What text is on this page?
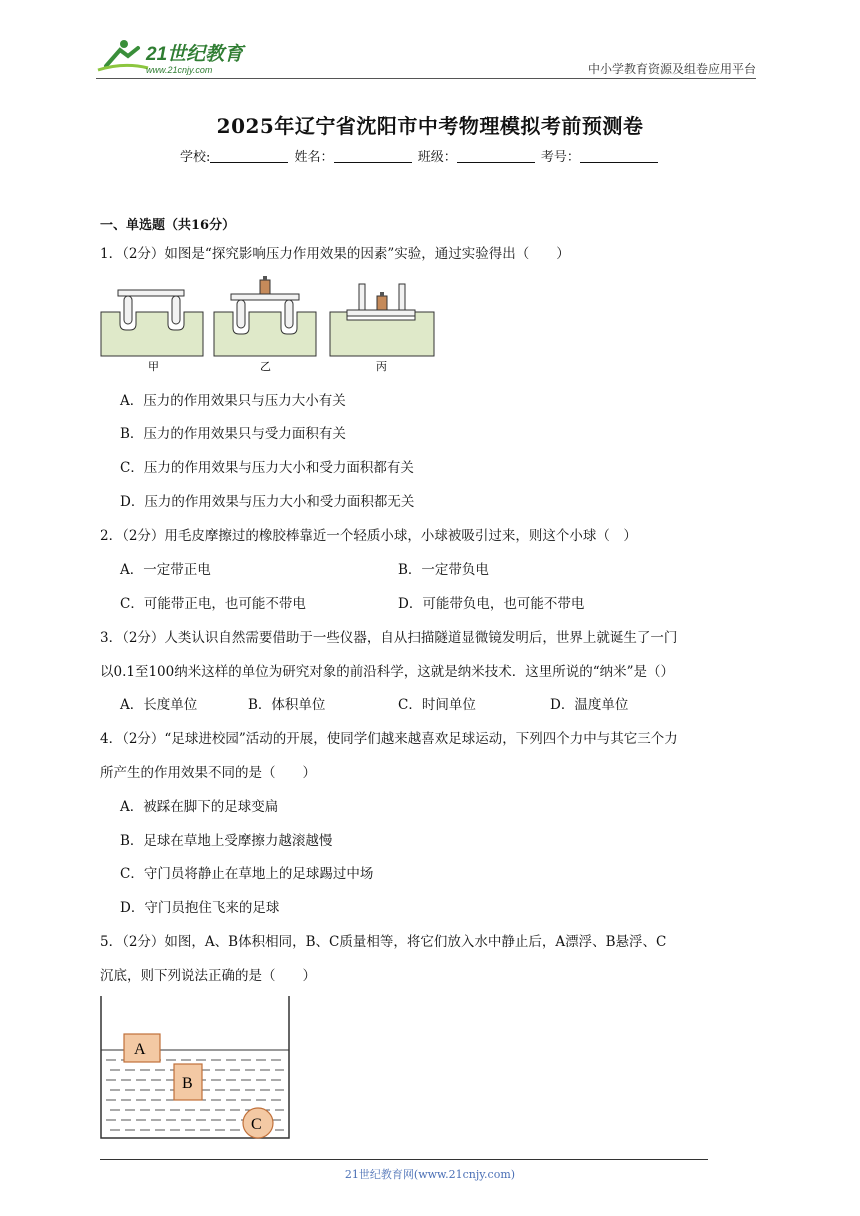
21世纪教育
www.21cnjy.com	中小学教育资源及组卷应用平台
2025年辽宁省沈阳市中考物理模拟考前预测卷
学校:	姓名：	班级：	考号：
一、单选题（共16分）
1．（2分）如图是“探究影响压力作用效果的因素”实验，通过实验得出（　　）
甲	乙	丙
A．压力的作用效果只与压力大小有关
B．压力的作用效果只与受力面积有关
C．压力的作用效果与压力大小和受力面积都有关
D．压力的作用效果与压力大小和受力面积都无关
2．（2分）用毛皮摩擦过的橡胶棒靠近一个轻质小球，小球被吸引过来，则这个小球（　）
A．一定带正电	B．一定带负电
C．可能带正电，也可能不带电	D．可能带负电，也可能不带电
3．（2分）人类认识自然需要借助于一些仪器，自从扫描隧道显微镜发明后，世界上就诞生了一门
以0.1至100纳米这样的单位为研究对象的前沿科学，这就是纳米技术．这里所说的“纳米”是（）
A．长度单位	B．体积单位	C．时间单位	D．温度单位
4．（2分）“足球进校园”活动的开展，使同学们越来越喜欢足球运动，下列四个力中与其它三个力
所产生的作用效果不同的是（　　）
A．被踩在脚下的足球变扁
B．足球在草地上受摩擦力越滚越慢
C．守门员将静止在草地上的足球踢过中场
D．守门员抱住飞来的足球
5．（2分）如图，A、B体积相同，B、C质量相等，将它们放入水中静止后，A漂浮、B悬浮、C
沉底，则下列说法正确的是（　　）
A
B
C
21世纪教育网(www.21cnjy.com)
